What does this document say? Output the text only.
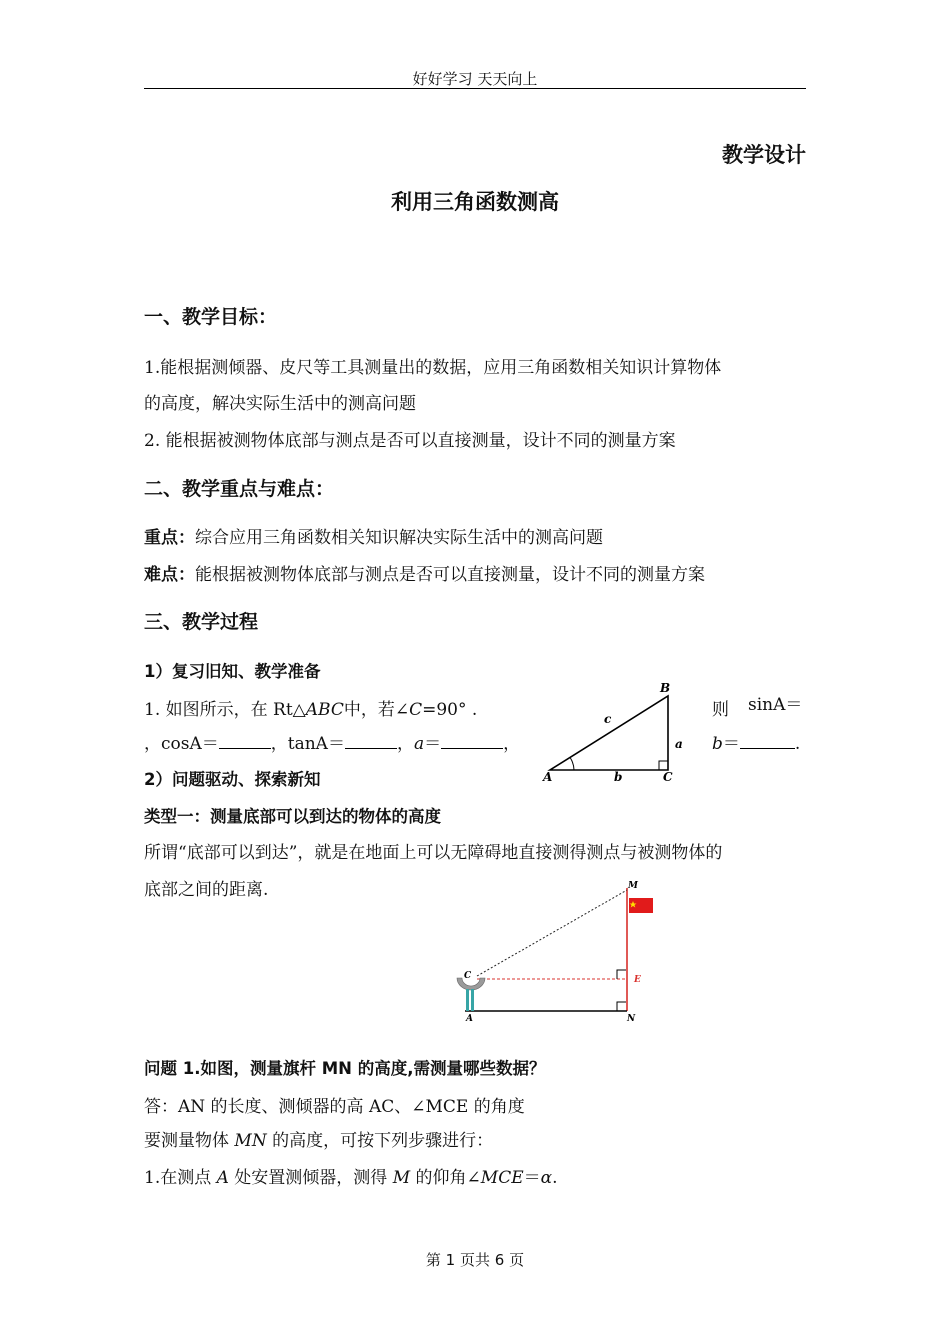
好好学习 天天向上
教学设计
利用三角函数测高
一、教学目标：
1.能根据测倾器、皮尺等工具测量出的数据，应用三角函数相关知识计算物体
的高度，解决实际生活中的测高问题
2. 能根据被测物体底部与测点是否可以直接测量，设计不同的测量方案
二、教学重点与难点：
重点：综合应用三角函数相关知识解决实际生活中的测高问题
难点：能根据被测物体底部与测点是否可以直接测量，设计不同的测量方案
三、教学过程
1）复习旧知、教学准备
1. 如图所示，在 Rt△ABC中，若∠C=90° .	则 sinA＝
，cosA＝	，tanA＝	，a＝	，	b＝	.
A	C
B
c
a
b
2）问题驱动、探索新知
类型一：测量底部可以到达的物体的高度
所谓“底部可以到达”，就是在地面上可以无障碍地直接测得测点与被测物体的
底部之间的距离.	M
C	E
A	N
问题 1.如图，测量旗杆 MN 的高度,需测量哪些数据？
答：AN 的长度、测倾器的高 AC、∠MCE 的角度
要测量物体 MN 的高度，可按下列步骤进行：
1.在测点 A 处安置测倾器，测得 M 的仰角∠MCE＝α.
第 1 页共 6 页
